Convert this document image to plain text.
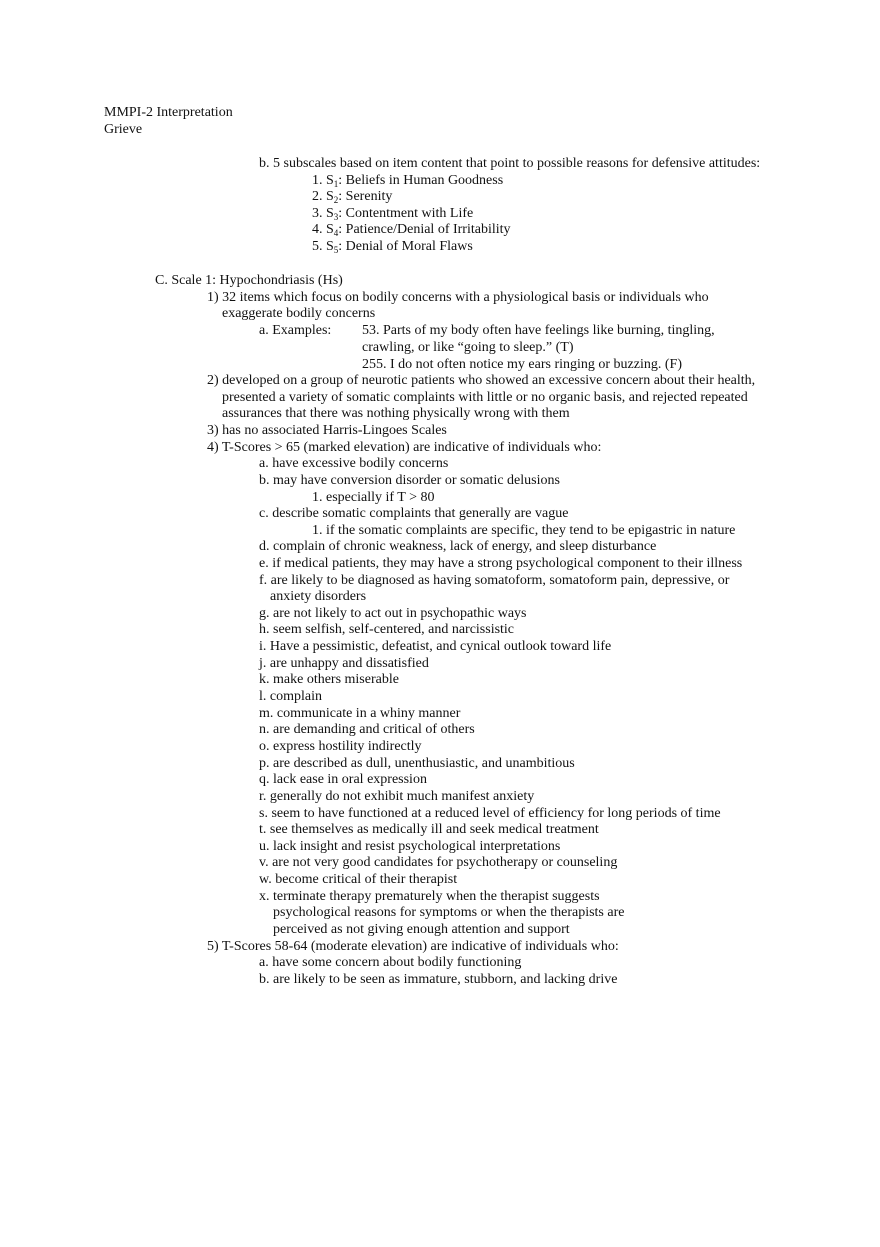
MMPI-2 Interpretation
Grieve
b. 5 subscales based on item content that point to possible reasons for defensive attitudes:
1. $S_1$: Beliefs in Human Goodness
2. $S_2$: Serenity
3. $S_3$: Contentment with Life
4. $S_4$: Patience/Denial of Irritability
5. $S_5$: Denial of Moral Flaws
C. Scale 1: Hypochondriasis (Hs)
1) 32 items which focus on bodily concerns with a physiological basis or individuals who
exaggerate bodily concerns
a. Examples: 53. Parts of my body often have feelings like burning, tingling,
crawling, or like “going to sleep.” (T)
255. I do not often notice my ears ringing or buzzing. (F)
2) developed on a group of neurotic patients who showed an excessive concern about their health,
presented a variety of somatic complaints with little or no organic basis, and rejected repeated
assurances that there was nothing physically wrong with them
3) has no associated Harris-Lingoes Scales
4) T-Scores > 65 (marked elevation) are indicative of individuals who:
a. have excessive bodily concerns
b. may have conversion disorder or somatic delusions
1. especially if T > 80
c. describe somatic complaints that generally are vague
1. if the somatic complaints are specific, they tend to be epigastric in nature
d. complain of chronic weakness, lack of energy, and sleep disturbance
e. if medical patients, they may have a strong psychological component to their illness
f. are likely to be diagnosed as having somatoform, somatoform pain, depressive, or
anxiety disorders
g. are not likely to act out in psychopathic ways
h. seem selfish, self-centered, and narcissistic
i. Have a pessimistic, defeatist, and cynical outlook toward life
j. are unhappy and dissatisfied
k. make others miserable
l. complain
m. communicate in a whiny manner
n. are demanding and critical of others
o. express hostility indirectly
p. are described as dull, unenthusiastic, and unambitious
q. lack ease in oral expression
r. generally do not exhibit much manifest anxiety
s. seem to have functioned at a reduced level of efficiency for long periods of time
t. see themselves as medically ill and seek medical treatment
u. lack insight and resist psychological interpretations
v. are not very good candidates for psychotherapy or counseling
w. become critical of their therapist
x. terminate therapy prematurely when the therapist suggests
psychological reasons for symptoms or when the therapists are
perceived as not giving enough attention and support
5) T-Scores 58-64 (moderate elevation) are indicative of individuals who:
a. have some concern about bodily functioning
b. are likely to be seen as immature, stubborn, and lacking drive
